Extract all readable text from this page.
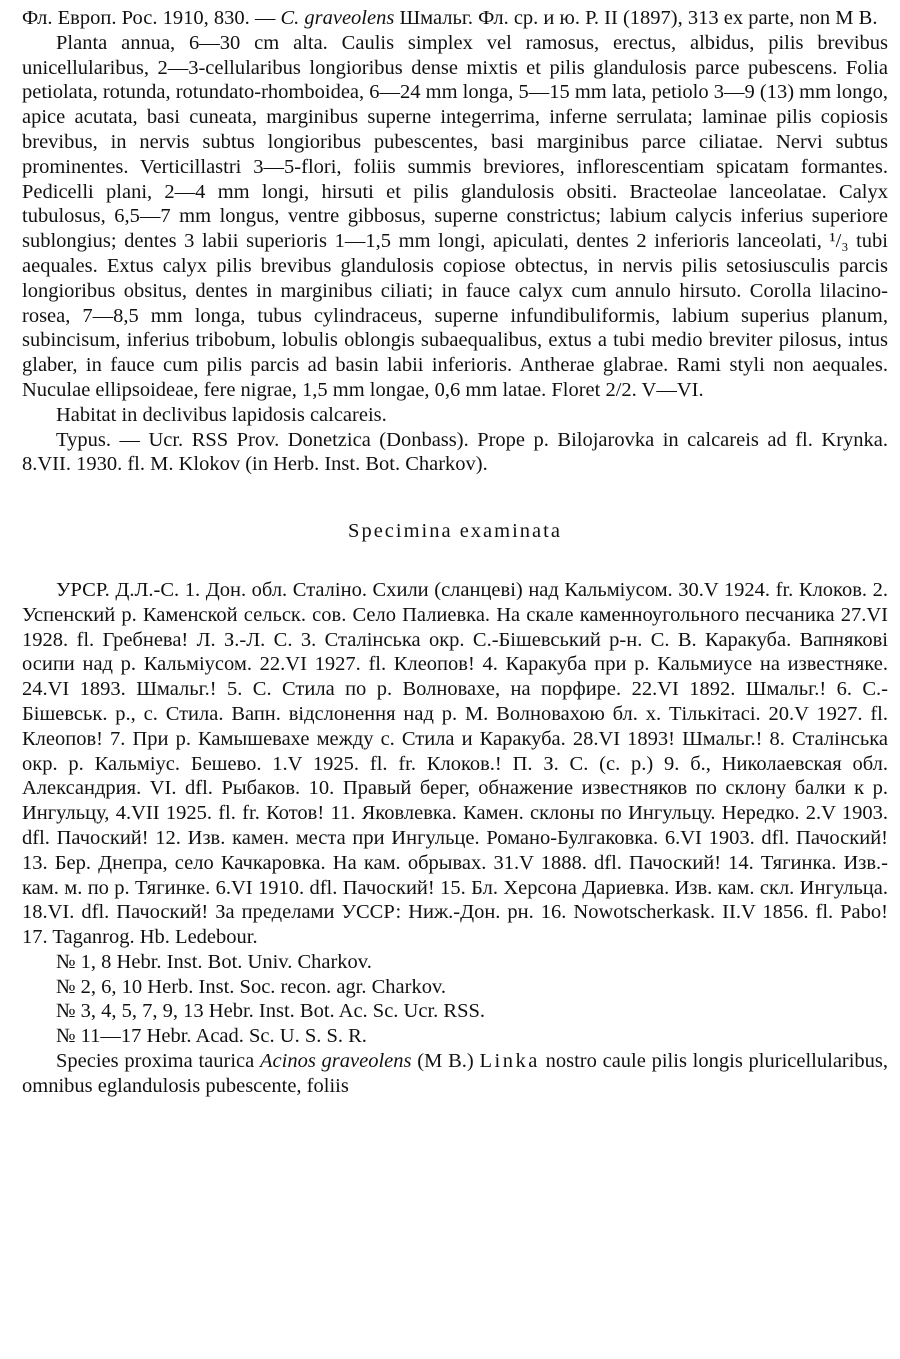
Фл. Европ. Рос. 1910, 830. — C. graveolens Шмальг. Фл. ср. и ю. Р. II (1897), 313 ex parte, non M B.

Planta annua, 6—30 cm alta. Caulis simplex vel ramosus, erectus, albidus, pilis brevibus unicellularibus, 2—3-cellularibus longioribus dense mixtis et pilis glandulosis parce pubescens. Folia petiolata, rotunda, rotundato-rhomboidea, 6—24 mm longa, 5—15 mm lata, petiolo 3—9 (13) mm longo, apice acutata, basi cuneata, marginibus superne integerrima, inferne serrulata; laminae pilis copiosis brevibus, in nervis subtus longioribus pubescentes, basi marginibus parce ciliatae. Nervi subtus prominentes. Verticillastri 3—5-flori, foliis summis breviores, inflorescentiam spicatam formantes. Pedicelli plani, 2—4 mm longi, hirsuti et pilis glandulosis obsiti. Bracteolae lanceolatae. Calyx tubulosus, 6,5—7 mm longus, ventre gibbosus, superne constrictus; labium calycis inferius superiore sublongius; dentes 3 labii superioris 1—1,5 mm longi, apiculati, dentes 2 inferioris lanceolati, ¹/₃ tubi aequales. Extus calyx pilis brevibus glandulosis copiose obtectus, in nervis pilis setosiusculis parcis longioribus obsitus, dentes in marginibus ciliati; in fauce calyx cum annulo hirsuto. Corolla lilacino-rosea, 7—8,5 mm longa, tubus cylindraceus, superne infundibuliformis, labium superius planum, subincisum, inferius tribobum, lobulis oblongis subaequalibus, extus a tubi medio breviter pilosus, intus glaber, in fauce cum pilis parcis ad basin labii inferioris. Antherae glabrae. Rami styli non aequales. Nuculae ellipsoideae, fere nigrae, 1,5 mm longae, 0,6 mm latae. Floret 2/2. V—VI.

Habitat in declivibus lapidosis calcareis.

Typus. — Ucr. RSS Prov. Donetzica (Donbass). Prope p. Bilojarovka in calcareis ad fl. Krynka. 8.VII. 1930. fl. M. Klokov (in Herb. Inst. Bot. Charkov).

Specimina examinata

УРСР. Д.Л.-С. 1. Дон. обл. Сталіно. Схили (сланцеві) над Кальміусом. 30.V 1924. fr. Клоков. 2. Успенский р. Каменской сельск. сов. Село Палиевка. На скале каменноугольного песчаника 27.VI 1928. fl. Гребнева! Л. З.-Л. С. 3. Сталінська окр. С.-Бішевський р-н. С. В. Каракуба. Вапнякові осипи над р. Кальміусом. 22.VI 1927. fl. Клеопов! 4. Каракуба при р. Кальмиусе на известняке. 24.VI 1893. Шмальг.! 5. С. Стила по р. Волновахе, на порфире. 22.VI 1892. Шмальг.! 6. С.-Бішевськ. р., с. Стила. Вапн. відслонення над р. М. Волновахою бл. х. Тількітасі. 20.V 1927. fl. Клеопов! 7. При р. Камышевахе между с. Стила и Каракуба. 28.VI 1893! Шмальг.! 8. Сталінська окр. р. Кальміус. Бешево. 1.V 1925. fl. fr. Клоков.! П. З. С. (с. р.) 9. б., Николаевская обл. Александрия. VI. dfl. Рыбаков. 10. Правый берег, обнажение известняков по склону балки к р. Ингульцу, 4.VII 1925. fl. fr. Котов! 11. Яковлевка. Камен. склоны по Ингульцу. Нередко. 2.V 1903. dfl. Пачоский! 12. Изв. камен. места при Ингульце. Романо-Булгаковка. 6.VI 1903. dfl. Пачоский! 13. Бер. Днепра, село Качкаровка. На кам. обрывах. 31.V 1888. dfl. Пачоский! 14. Тягинка. Изв.-кам. м. по р. Тягинке. 6.VI 1910. dfl. Пачоский! 15. Бл. Херсона Дариевка. Изв. кам. скл. Ингульца. 18.VI. dfl. Пачоский! За пределами УССР: Ниж.-Дон. рн. 16. Nowotscherkask. II.V 1856. fl. Pabo! 17. Taganrog. Hb. Ledebour.

№ 1, 8 Hebr. Inst. Bot. Univ. Charkov.

№ 2, 6, 10 Herb. Inst. Soc. recon. agr. Charkov.

№ 3, 4, 5, 7, 9, 13 Hebr. Inst. Bot. Ac. Sc. Ucr. RSS.

№ 11—17 Hebr. Acad. Sc. U. S. S. R.

Species proxima taurica Acinos graveolens (M B.) Linka nostro caule pilis longis pluricellularibus, omnibus eglandulosis pubescente, foliis
